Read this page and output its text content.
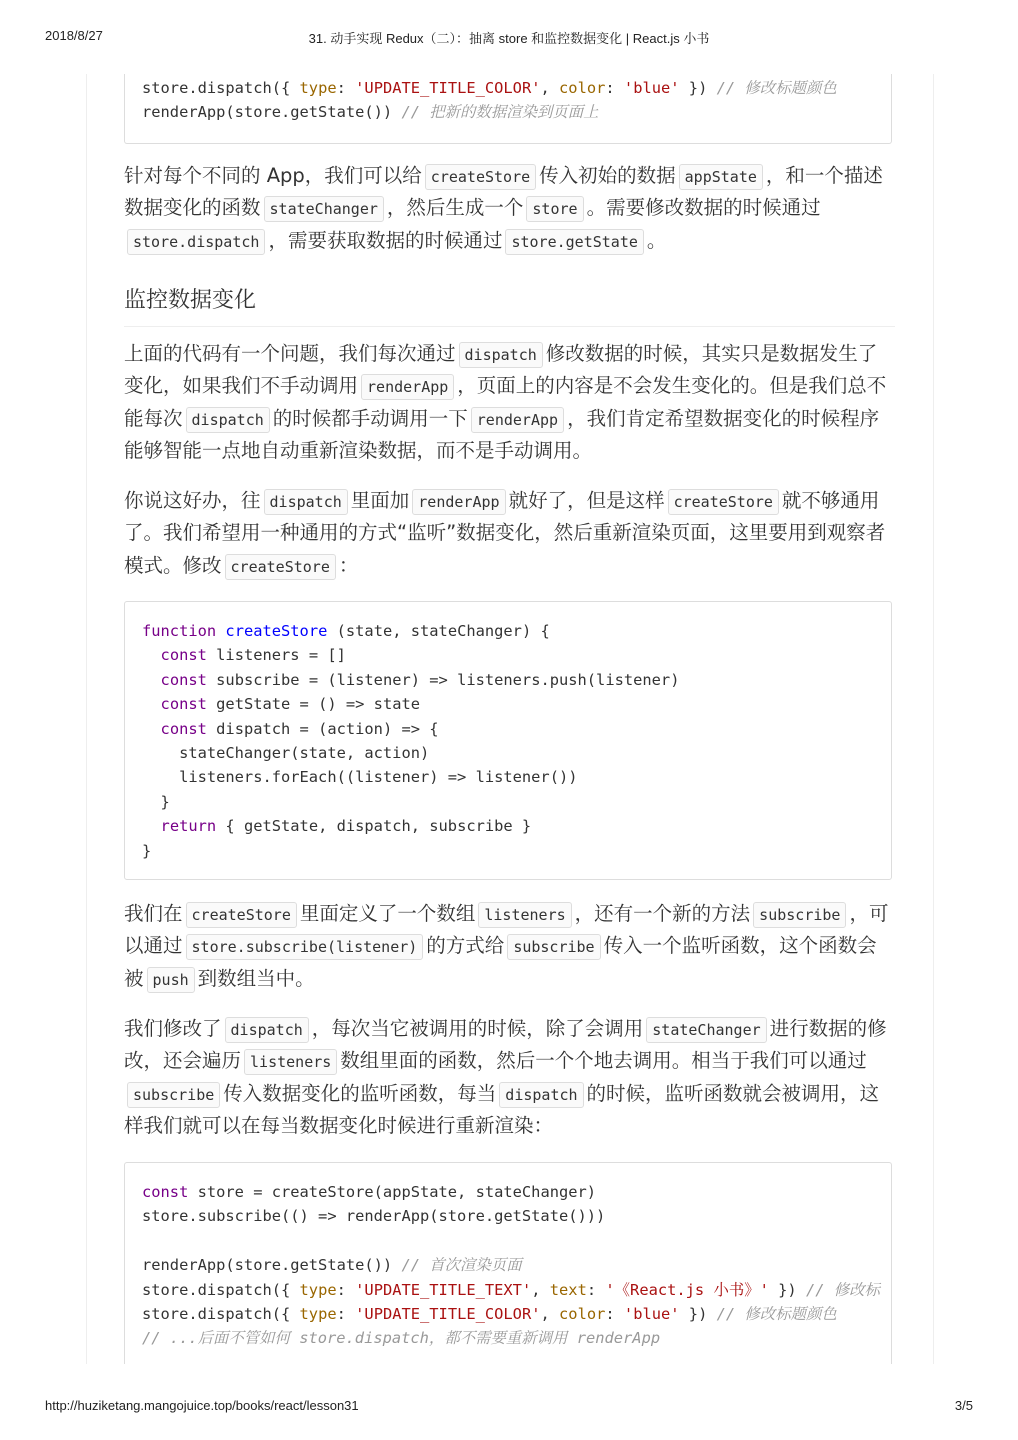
2018/8/27	31. 动手实现 Redux（二）：抽离 store 和监控数据变化 | React.js 小书
store.dispatch({ type: 'UPDATE_TITLE_COLOR', color: 'blue' }) // 修改标题颜色
renderApp(store.getState()) // 把新的数据渲染到页面上
针对每个不同的 App，我们可以给 createStore 传入初始的数据 appState ，和一个描述数据变化的函数 stateChanger ，然后生成一个 store 。需要修改数据的时候通过store.dispatch ，需要获取数据的时候通过 store.getState 。
监控数据变化
上面的代码有一个问题，我们每次通过 dispatch 修改数据的时候，其实只是数据发生了变化，如果我们不手动调用 renderApp ，页面上的内容是不会发生变化的。但是我们总不能每次 dispatch 的时候都手动调用一下 renderApp ，我们肯定希望数据变化的时候程序能够智能一点地自动重新渲染数据，而不是手动调用。
你说这好办，往 dispatch 里面加 renderApp 就好了，但是这样 createStore 就不够通用了。我们希望用一种通用的方式“监听”数据变化，然后重新渲染页面，这里要用到观察者模式。修改 createStore ：
function createStore (state, stateChanger) {
const listeners = []
const subscribe = (listener) => listeners.push(listener)
const getState = () => state
const dispatch = (action) => {
stateChanger(state, action)
listeners.forEach((listener) => listener())
}
return { getState, dispatch, subscribe }
}
我们在 createStore 里面定义了一个数组 listeners ，还有一个新的方法 subscribe ，可以通过 store.subscribe(listener) 的方式给 subscribe 传入一个监听函数，这个函数会被 push 到数组当中。
我们修改了 dispatch ，每次当它被调用的时候，除了会调用 stateChanger 进行数据的修改，还会遍历 listeners 数组里面的函数，然后一个个地去调用。相当于我们可以通过subscribe 传入数据变化的监听函数，每当 dispatch 的时候，监听函数就会被调用，这样我们就可以在每当数据变化时候进行重新渲染：
const store = createStore(appState, stateChanger)
store.subscribe(() => renderApp(store.getState()))

renderApp(store.getState()) // 首次渲染页面
store.dispatch({ type: 'UPDATE_TITLE_TEXT', text: '《React.js 小书》' }) // 修改标
store.dispatch({ type: 'UPDATE_TITLE_COLOR', color: 'blue' }) // 修改标题颜色
// ...后面不管如何 store.dispatch，都不需要重新调用 renderApp
http://huziketang.mangojuice.top/books/react/lesson31	3/5
